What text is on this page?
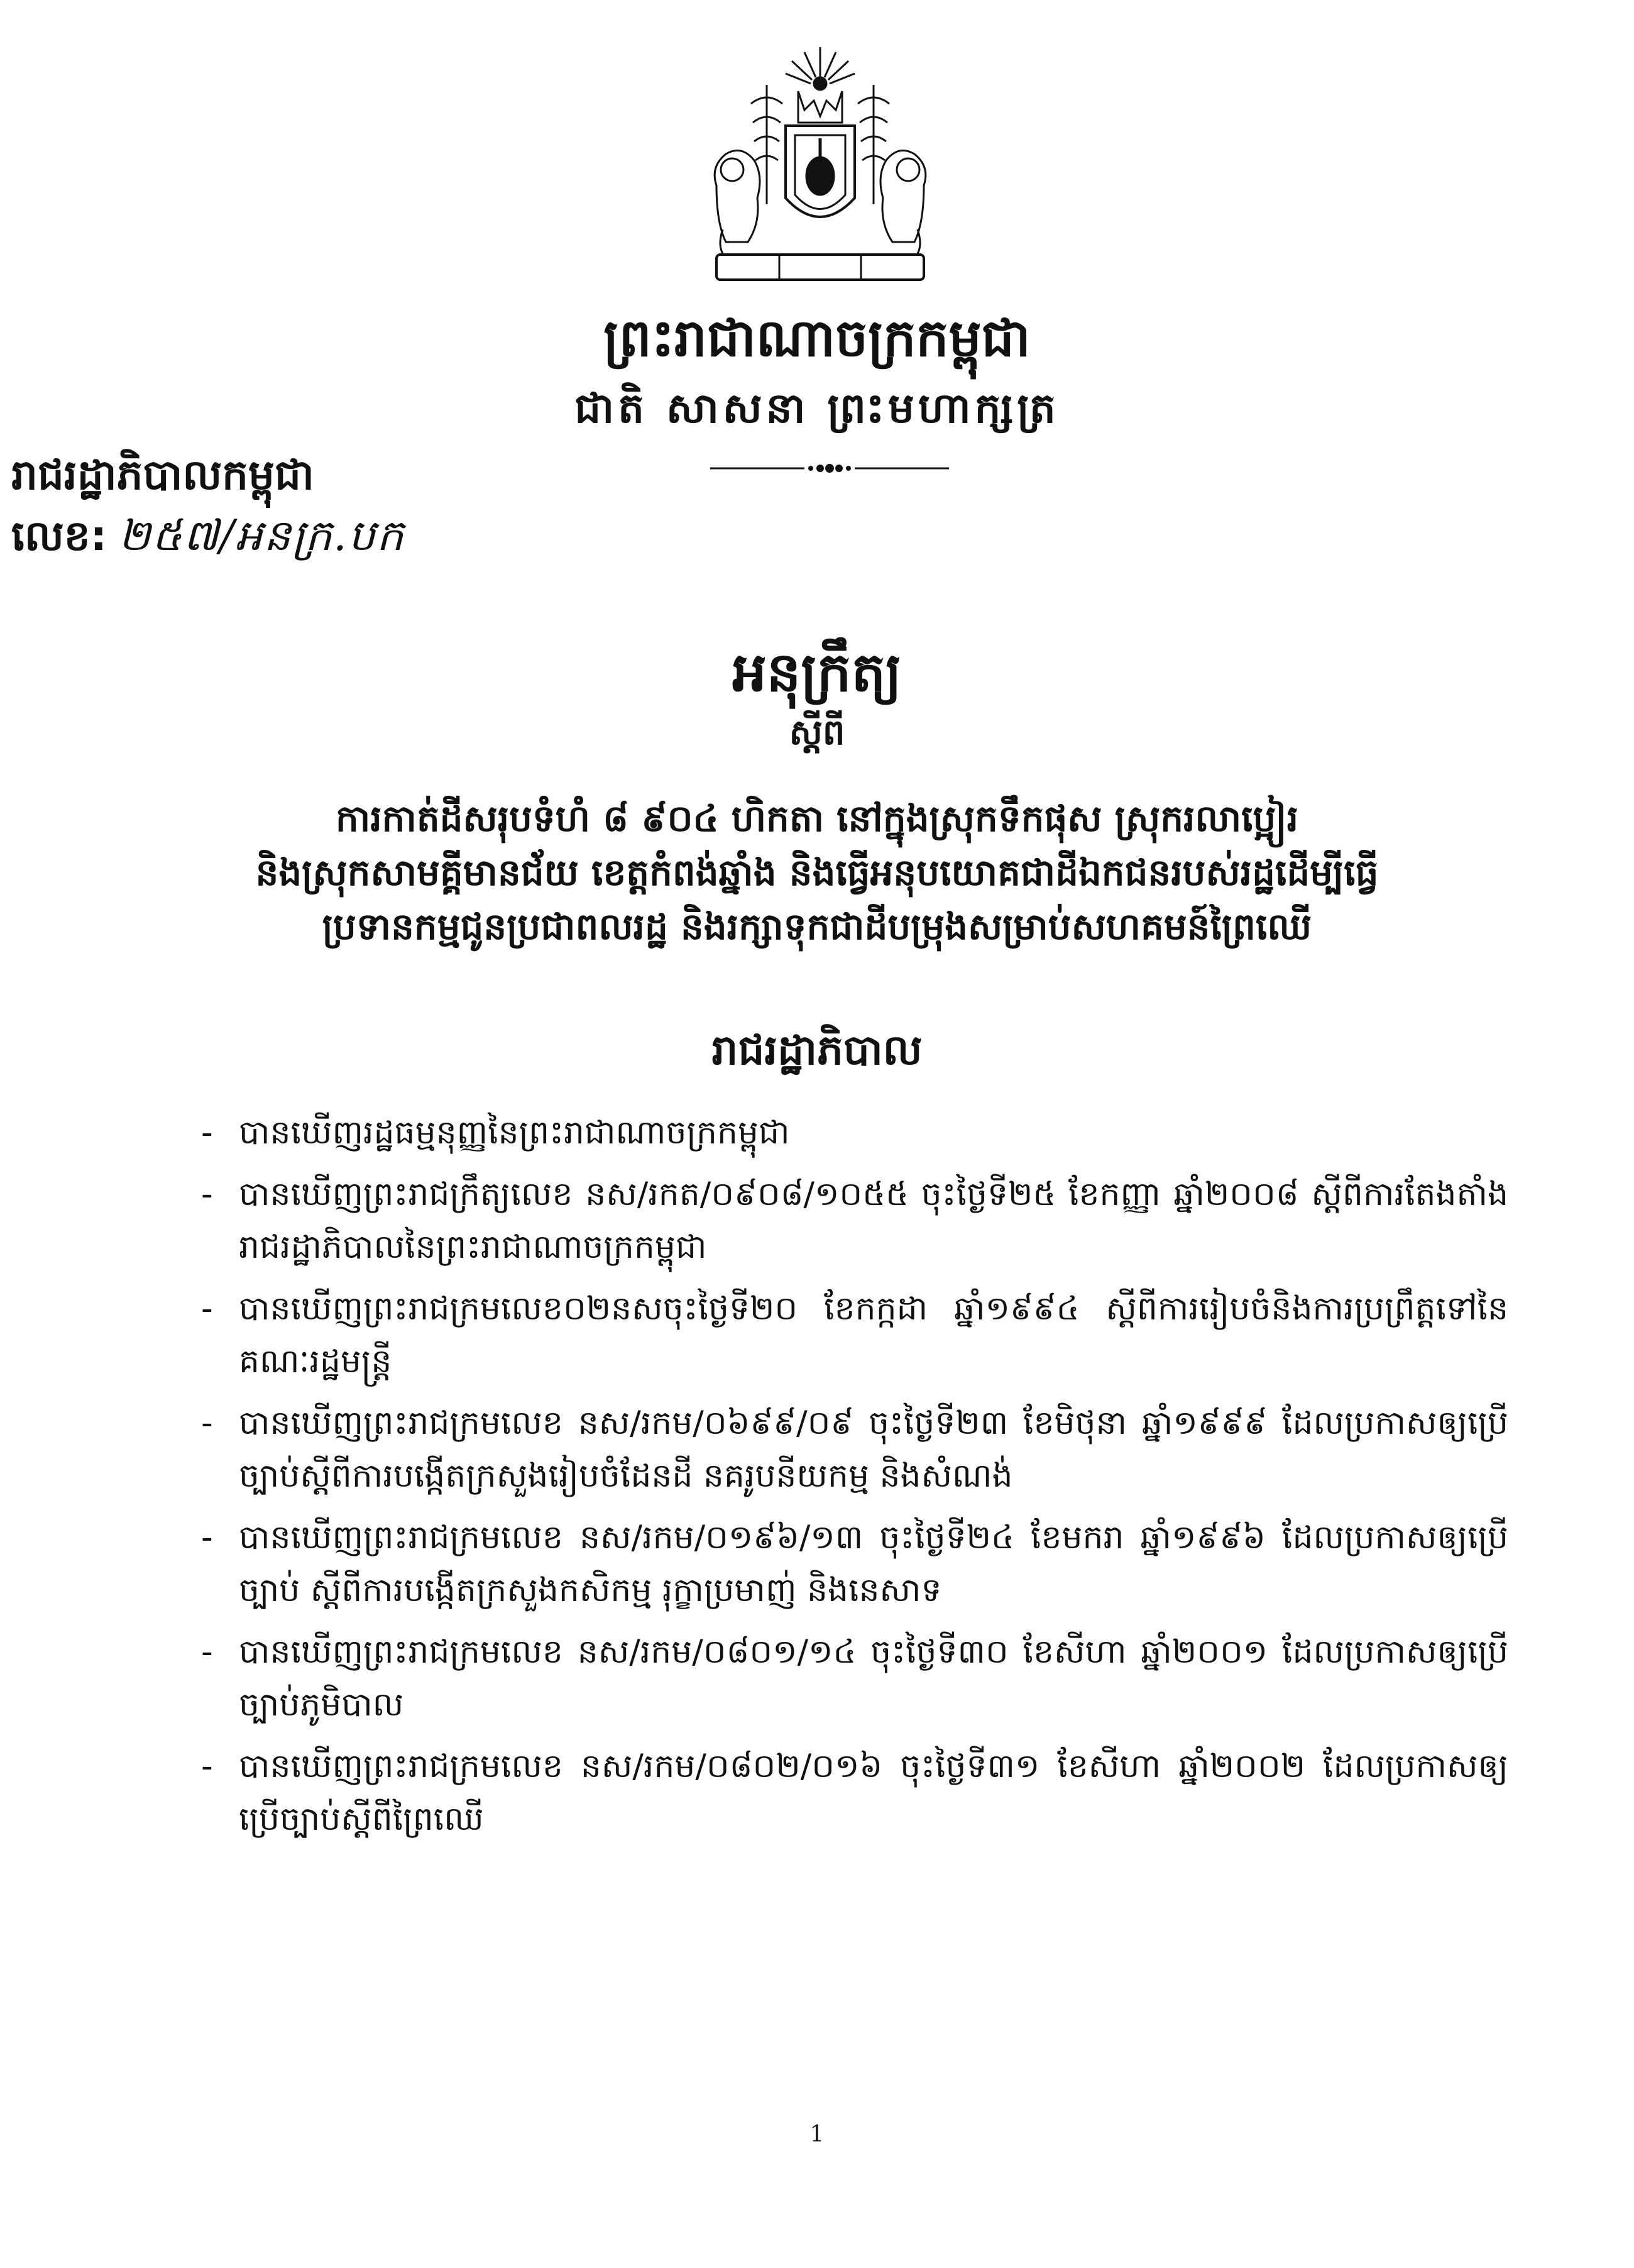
ព្រះរាជាណាចក្រកម្ពុជា
ជាតិ សាសនា ព្រះមហាក្សត្រ
រាជរដ្ឋាភិបាលកម្ពុជា
លេខ: ២៥៧/អនក្រ.បក
អនុក្រឹត្យ
ស្ដីពី
ការកាត់ដីសរុបទំហំ ៨ ៩០៤ ហិកតា នៅក្នុងស្រុកទឹកផុស ស្រុករលាប្អៀរ
និងស្រុកសាមគ្គីមានជ័យ ខេត្តកំពង់ឆ្នាំង និងធ្វើអនុបយោគជាដីឯកជនរបស់រដ្ឋដើម្បីធ្វើ
ប្រទានកម្មជូនប្រជាពលរដ្ឋ និងរក្សាទុកជាដីបម្រុងសម្រាប់សហគមន៍ព្រៃឈើ
រាជរដ្ឋាភិបាល
- បានឃើញរដ្ឋធម្មនុញ្ញនៃព្រះរាជាណាចក្រកម្ពុជា
- បានឃើញព្រះរាជក្រឹត្យលេខ នស/រកត/០៩០៨/១០៥៥ ចុះថ្ងៃទី២៥ ខែកញ្ញា ឆ្នាំ២០០៨ ស្ដីពីការតែងតាំងរាជរដ្ឋាភិបាលនៃព្រះរាជាណាចក្រកម្ពុជា
- បានឃើញព្រះរាជក្រមលេខ០២នសចុះថ្ងៃទី២០ ខែកក្កដា ឆ្នាំ១៩៩៤ ស្ដីពីការរៀបចំនិងការប្រព្រឹត្តទៅនៃគណៈរដ្ឋមន្ត្រី
- បានឃើញព្រះរាជក្រមលេខ នស/រកម/០៦៩៩/០៩ ចុះថ្ងៃទី២៣ ខែមិថុនា ឆ្នាំ១៩៩៩ ដែលប្រកាសឲ្យប្រើច្បាប់ស្ដីពីការបង្កើតក្រសួងរៀបចំដែនដី នគរូបនីយកម្ម និងសំណង់
- បានឃើញព្រះរាជក្រមលេខ នស/រកម/០១៩៦/១៣ ចុះថ្ងៃទី២៤ ខែមករា ឆ្នាំ១៩៩៦ ដែលប្រកាសឲ្យប្រើច្បាប់ ស្ដីពីការបង្កើតក្រសួងកសិកម្ម រុក្ខាប្រមាញ់ និងនេសាទ
- បានឃើញព្រះរាជក្រមលេខ នស/រកម/០៨០១/១៤ ចុះថ្ងៃទី៣០ ខែសីហា ឆ្នាំ២០០១ ដែលប្រកាសឲ្យប្រើច្បាប់ភូមិបាល
- បានឃើញព្រះរាជក្រមលេខ នស/រកម/០៨០២/០១៦ ចុះថ្ងៃទី៣១ ខែសីហា ឆ្នាំ២០០២ ដែលប្រកាសឲ្យ ប្រើច្បាប់ស្ដីពីព្រៃឈើ
1
